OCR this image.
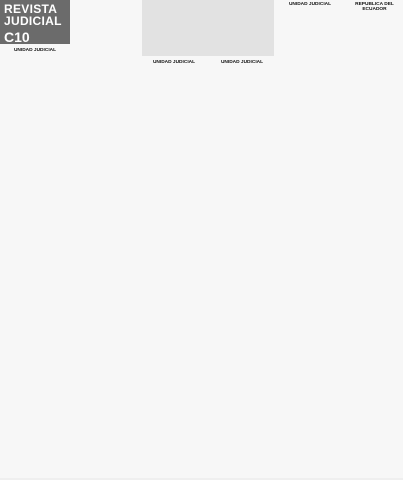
REVISTA
JUDICIAL
C10
UNIDAD JUDICIAL
UNIDAD JUDICIAL	UNIDAD JUDICIAL
UNIDAD JUDICIAL	REPUBLICA DEL ECUADOR
